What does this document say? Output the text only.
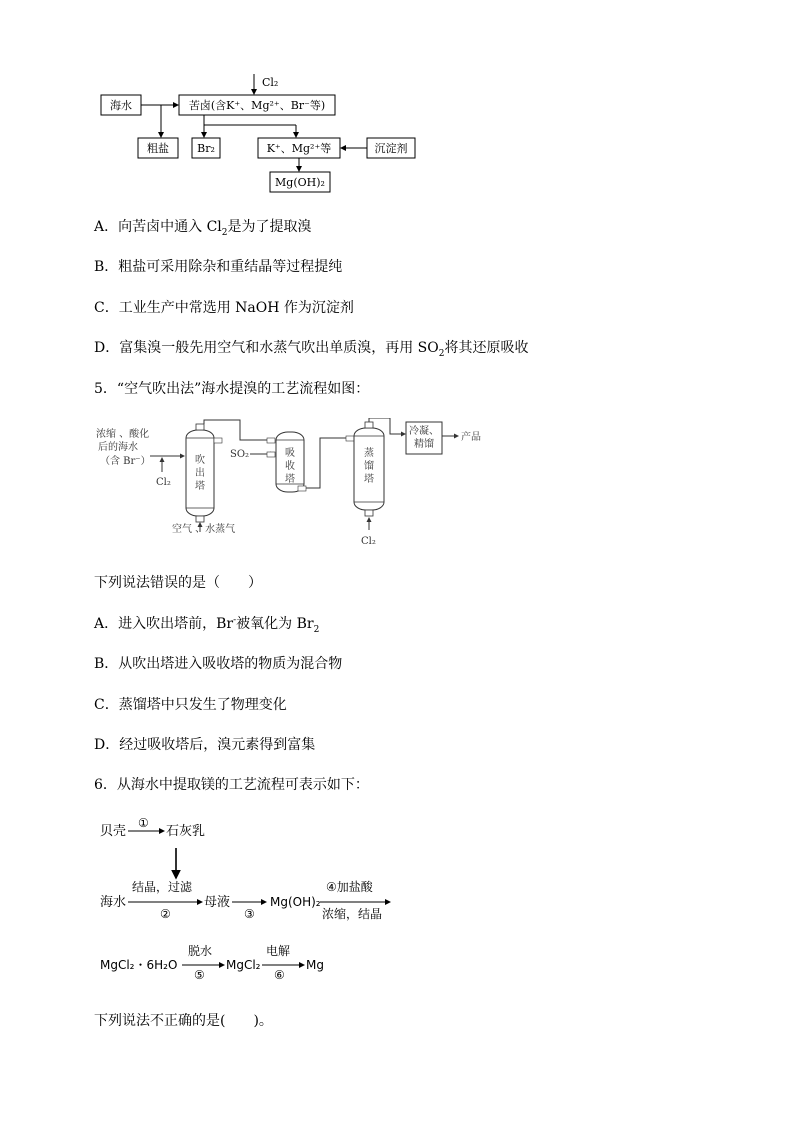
Cl₂
海水	苦卤(含K⁺、Mg²⁺、Br⁻等)
粗盐	Br₂	K⁺、Mg²⁺等	沉淀剂
Mg(OH)₂
A．向苦卤中通入 $Cl_2$是为了提取溴
B．粗盐可采用除杂和重结晶等过程提纯
C．工业生产中常选用 NaOH 作为沉淀剂
D．富集溴一般先用空气和水蒸气吹出单质溴，再用 $SO_2$将其还原吸收
5．“空气吹出法”海水提溴的工艺流程如图：
浓缩 、酸化
后的海水
（含 Br⁻）
Cl₂
吹
出
塔
空气 、水蒸气
SO₂	吸
收
塔
蒸
馏
塔
Cl₂
冷凝、
精馏
产品
下列说法错误的是（　　）
A．进入吹出塔前，Br-被氧化为 $Br_2$
B．从吹出塔进入吸收塔的物质为混合物
C．蒸馏塔中只发生了物理变化
D．经过吸收塔后，溴元素得到富集
6．从海水中提取镁的工艺流程可表示如下：
贝壳
①
石灰乳
海水
结晶，过滤
②
母液
③
Mg(OH)₂
④加盐酸
浓缩，结晶
MgCl₂・6H₂O
脱水
⑤
MgCl₂
电解
⑥
Mg
下列说法不正确的是(　　)。
